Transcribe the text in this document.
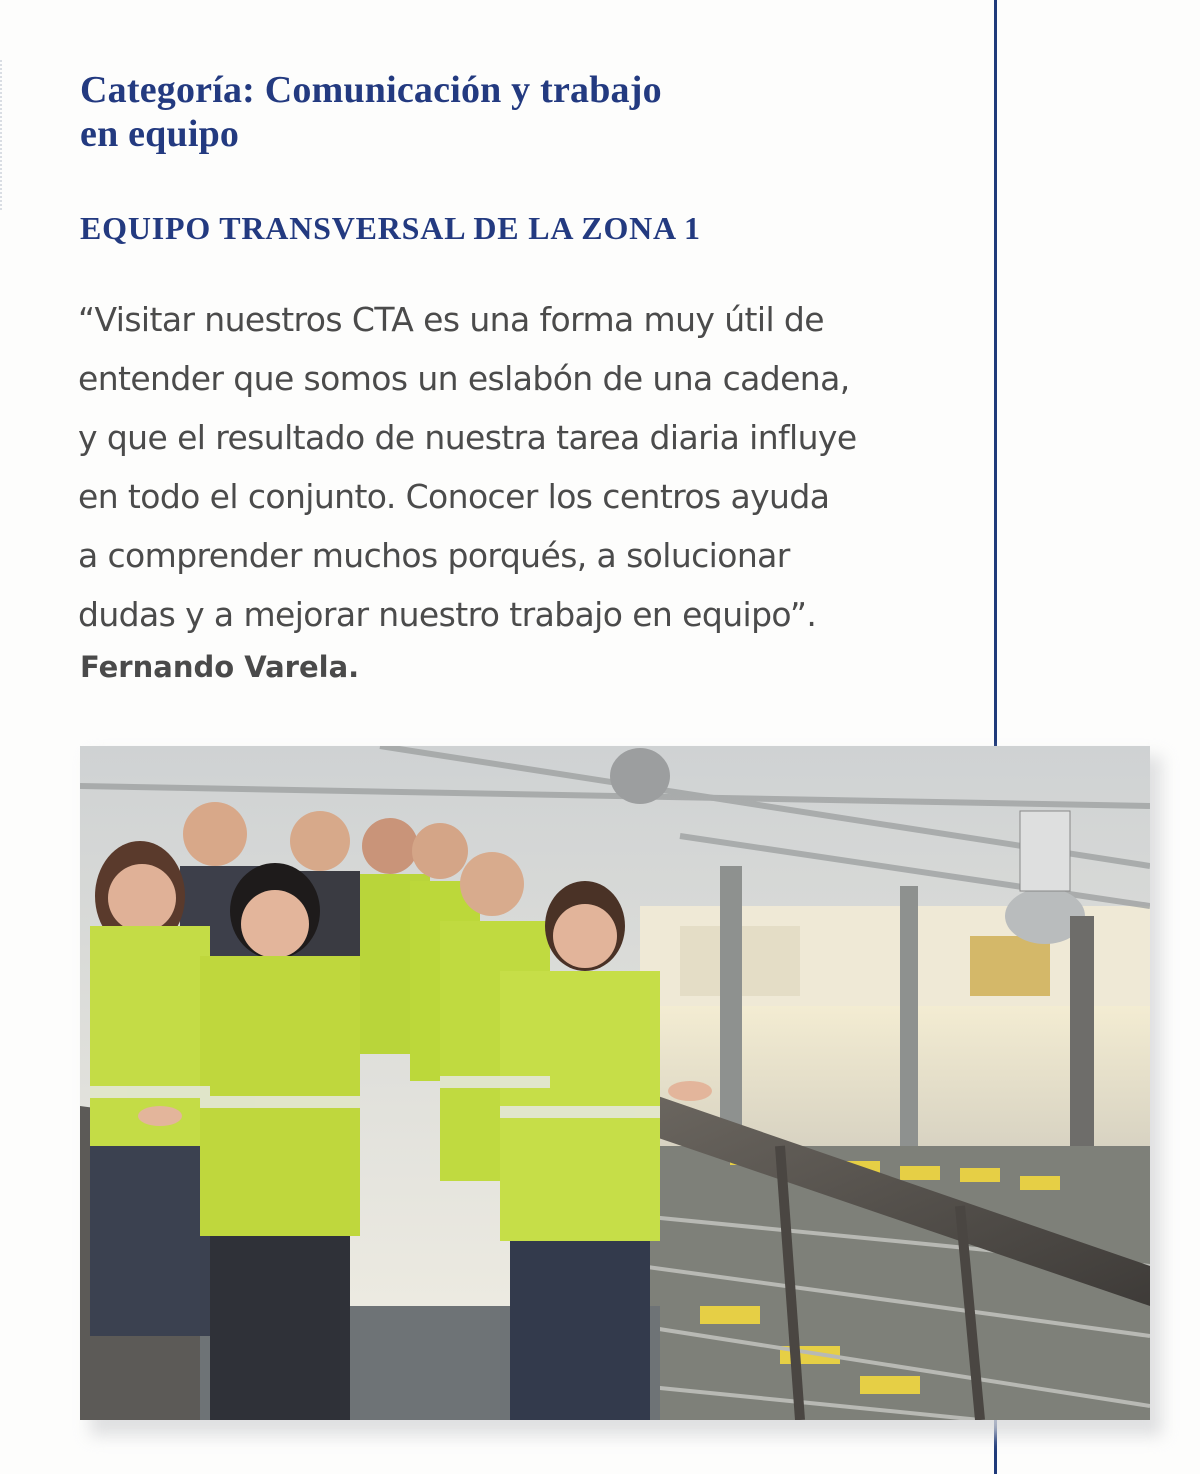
Categoría: Comunicación y trabajo
en equipo
EQUIPO TRANSVERSAL DE LA ZONA 1
“Visitar nuestros CTA es una forma muy útil de
entender que somos un eslabón de una cadena,
y que el resultado de nuestra tarea diaria influye
en todo el conjunto. Conocer los centros ayuda
a comprender muchos porqués, a solucionar
dudas y a mejorar nuestro trabajo en equipo”.
Fernando Varela.
